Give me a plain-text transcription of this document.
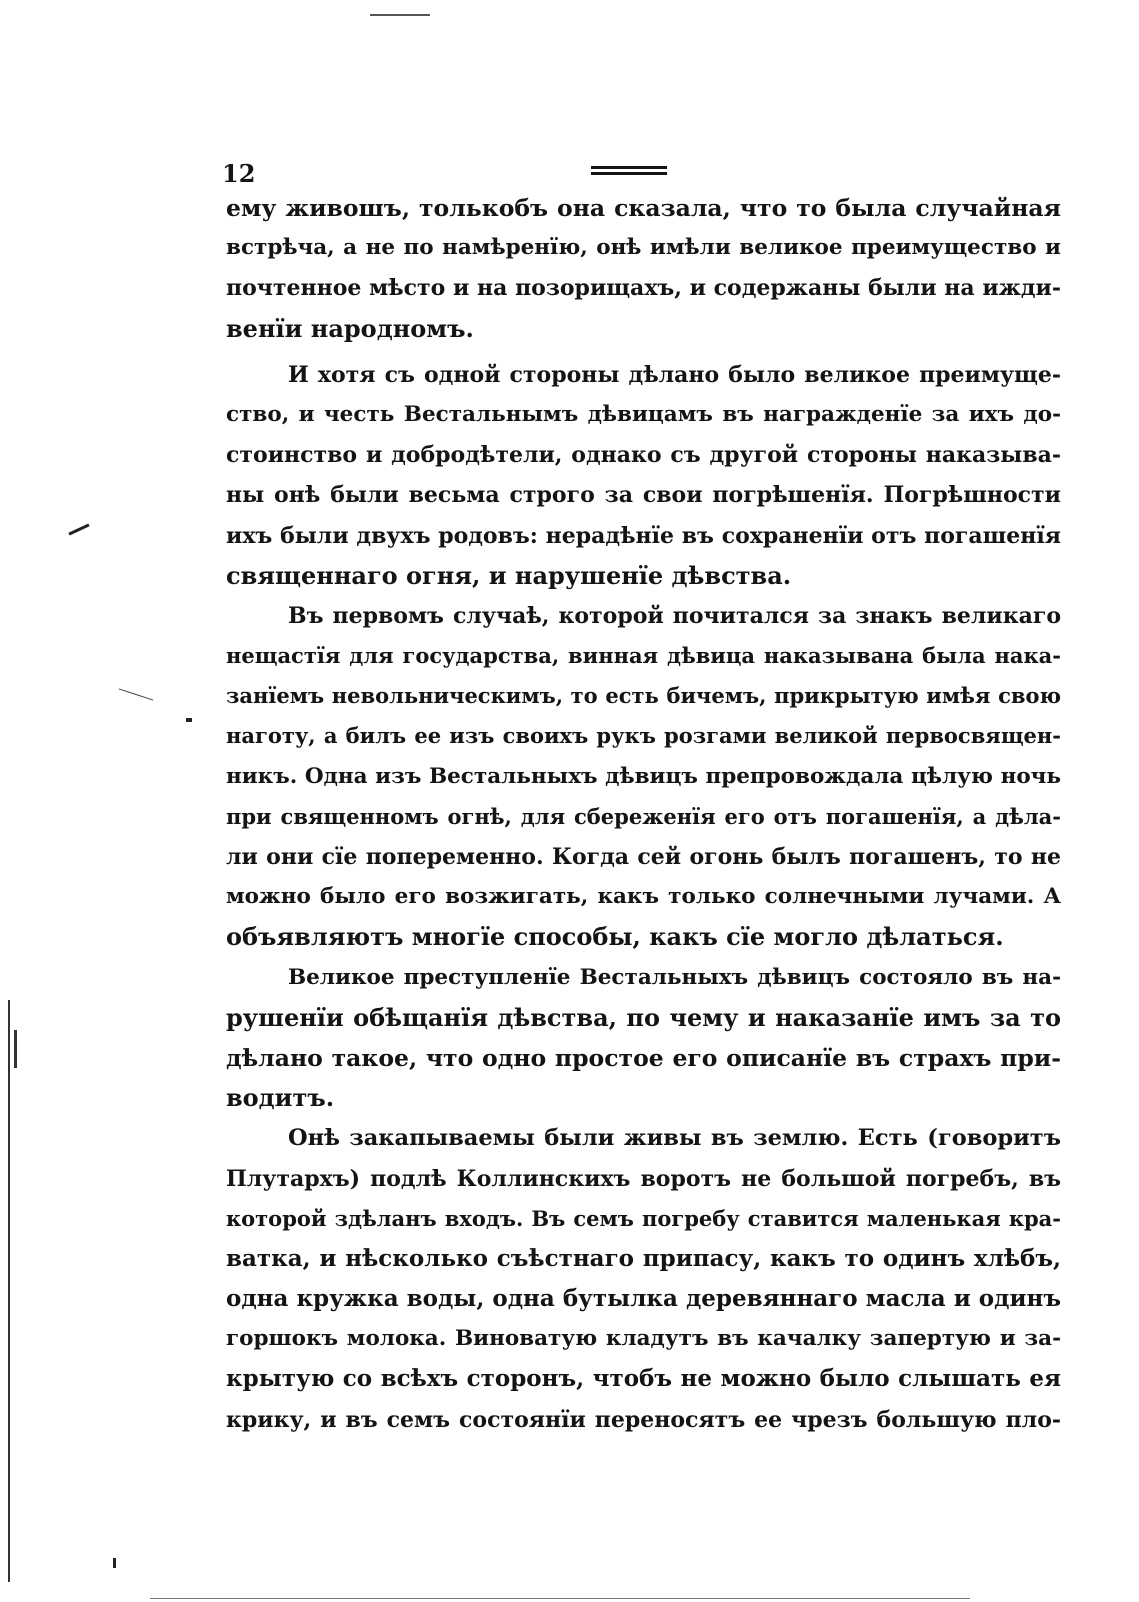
12
ему живошъ, толькобъ она сказала, что то была случайная
встрѣча, а не по намѣренїю, онѣ имѣли великое преимущество и
почтенное мѣсто и на позорищахъ, и содержаны были на ижди-
венїи народномъ.
И хотя съ одной стороны дѣлано было великое преимуще-
ство, и честь Вестальнымъ дѣвицамъ въ награжденїе за ихъ до-
стоинство и добродѣтели, однако съ другой стороны наказыва-
ны онѣ были весьма строго за свои погрѣшенїя. Погрѣшности
ихъ были двухъ родовъ: нерадѣнїе въ сохраненїи отъ погашенїя
священнаго огня, и нарушенїе дѣвства.
Въ первомъ случаѣ, которой почитался за знакъ великаго
нещастїя для государства, винная дѣвица наказывана была нака-
занїемъ невольническимъ, то есть бичемъ, прикрытую имѣя свою
наготу, а билъ ее изъ своихъ рукъ розгами великой первосвящен-
никъ. Одна изъ Вестальныхъ дѣвицъ препровождала цѣлую ночь
при священномъ огнѣ, для сбереженїя его отъ погашенїя, а дѣла-
ли они сїе попеременно. Когда сей огонь былъ погашенъ, то не
можно было его возжигать, какъ только солнечными лучами. А
объявляютъ многїе способы, какъ сїе могло дѣлаться.
Великое преступленїе Вестальныхъ дѣвицъ состояло въ на-
рушенїи обѣщанїя дѣвства, по чему и наказанїе имъ за то
дѣлано такое, что одно простое его описанїе въ страхъ при-
водитъ.
Онѣ закапываемы были живы въ землю. Есть (говоритъ
Плутархъ) подлѣ Коллинскихъ воротъ не большой погребъ, въ
которой здѣланъ входъ. Въ семъ погребу ставится маленькая кра-
ватка, и нѣсколько съѣстнаго припасу, какъ то одинъ хлѣбъ,
одна кружка воды, одна бутылка деревяннаго масла и одинъ
горшокъ молока. Виноватую кладутъ въ качалку запертую и за-
крытую со всѣхъ сторонъ, чтобъ не можно было слышать ея
крику, и въ семъ состоянїи переносятъ ее чрезъ большую пло-
